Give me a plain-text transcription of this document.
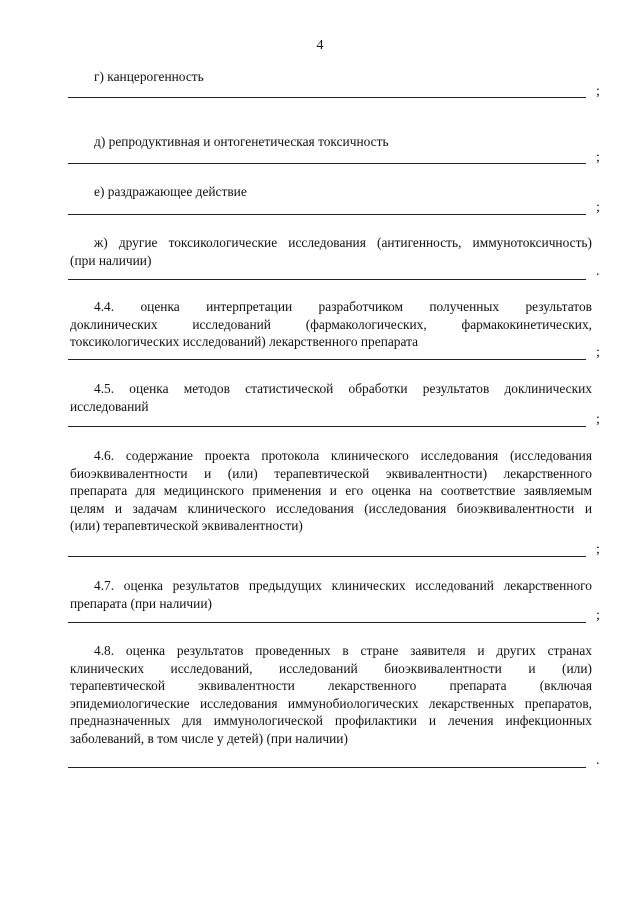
4
г) канцерогенность
;
д) репродуктивная и онтогенетическая токсичность
;
е) раздражающее действие
;
ж) другие токсикологические исследования (антигенность, иммунотоксичность)
(при наличии)
.
4.4. оценка интерпретации разработчиком полученных результатов
доклинических исследований (фармакологических, фармакокинетических,
токсикологических исследований) лекарственного препарата
;
4.5. оценка методов статистической обработки результатов доклинических
исследований
;
4.6. содержание проекта протокола клинического исследования (исследования
биоэквивалентности и (или) терапевтической эквивалентности) лекарственного
препарата для медицинского применения и его оценка на соответствие заявляемым
целям и задачам клинического исследования (исследования биоэквивалентности и
(или) терапевтической эквивалентности)
;
4.7. оценка результатов предыдущих клинических исследований лекарственного
препарата (при наличии)
;
4.8. оценка результатов проведенных в стране заявителя и других странах
клинических исследований, исследований биоэквивалентности и (или)
терапевтической эквивалентности лекарственного препарата (включая
эпидемиологические исследования иммунобиологических лекарственных препаратов,
предназначенных для иммунологической профилактики и лечения инфекционных
заболеваний, в том числе у детей) (при наличии)
.
